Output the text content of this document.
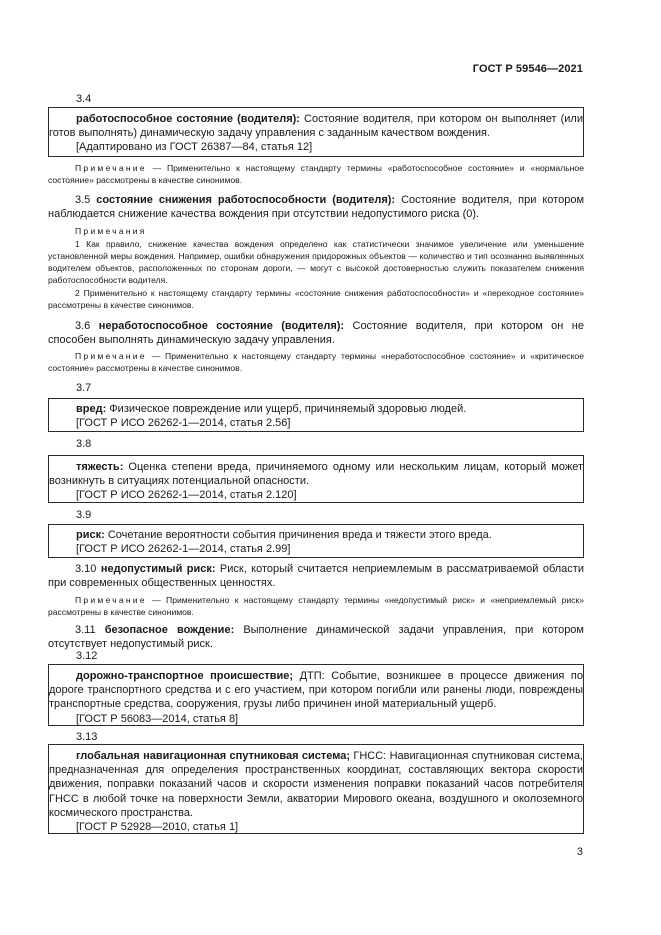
ГОСТ Р 59546—2021
3.4
работоспособное состояние (водителя): Состояние водителя, при котором он выполняет (или готов выполнять) динамическую задачу управления с заданным качеством вождения.
[Адаптировано из ГОСТ 26387—84, статья 12]
Примечание — Применительно к настоящему стандарту термины «работоспособное состояние» и «нормальное состояние» рассмотрены в качестве синонимов.
3.5 состояние снижения работоспособности (водителя): Состояние водителя, при котором наблюдается снижение качества вождения при отсутствии недопустимого риска (0).
Примечания
1 Как правило, снижение качества вождения определено как статистически значимое увеличение или уменьшение установленной меры вождения. Например, ошибки обнаружения придорожных объектов — количество и тип осознанно выявленных водителем объектов, расположенных по сторонам дороги, — могут с высокой достоверностью служить показателем снижения работоспособности водителя.
2 Применительно к настоящему стандарту термины «состояние снижения работоспособности» и «переходное состояние» рассмотрены в качестве синонимов.
3.6 неработоспособное состояние (водителя): Состояние водителя, при котором он не способен выполнять динамическую задачу управления.
Примечание — Применительно к настоящему стандарту термины «неработоспособное состояние» и «критическое состояние» рассмотрены в качестве синонимов.
3.7
вред: Физическое повреждение или ущерб, причиняемый здоровью людей.
[ГОСТ Р ИСО 26262-1—2014, статья 2.56]
3.8
тяжесть: Оценка степени вреда, причиняемого одному или нескольким лицам, который может возникнуть в ситуациях потенциальной опасности.
[ГОСТ Р ИСО 26262-1—2014, статья 2.120]
3.9
риск: Сочетание вероятности события причинения вреда и тяжести этого вреда.
[ГОСТ Р ИСО 26262-1—2014, статья 2.99]
3.10 недопустимый риск: Риск, который считается неприемлемым в рассматриваемой области при современных общественных ценностях.
Примечание — Применительно к настоящему стандарту термины «недопустимый риск» и «неприемлемый риск» рассмотрены в качестве синонимов.
3.11 безопасное вождение: Выполнение динамической задачи управления, при котором отсутствует недопустимый риск.
3.12
дорожно-транспортное происшествие; ДТП: Событие, возникшее в процессе движения по дороге транспортного средства и с его участием, при котором погибли или ранены люди, повреждены транспортные средства, сооружения, грузы либо причинен иной материальный ущерб.
[ГОСТ Р 56083—2014, статья 8]
3.13
глобальная навигационная спутниковая система; ГНСС: Навигационная спутниковая система, предназначенная для определения пространственных координат, составляющих вектора скорости движения, поправки показаний часов и скорости изменения поправки показаний часов потребителя ГНСС в любой точке на поверхности Земли, акватории Мирового океана, воздушного и околоземного космического пространства.
[ГОСТ Р 52928—2010, статья 1]
3
